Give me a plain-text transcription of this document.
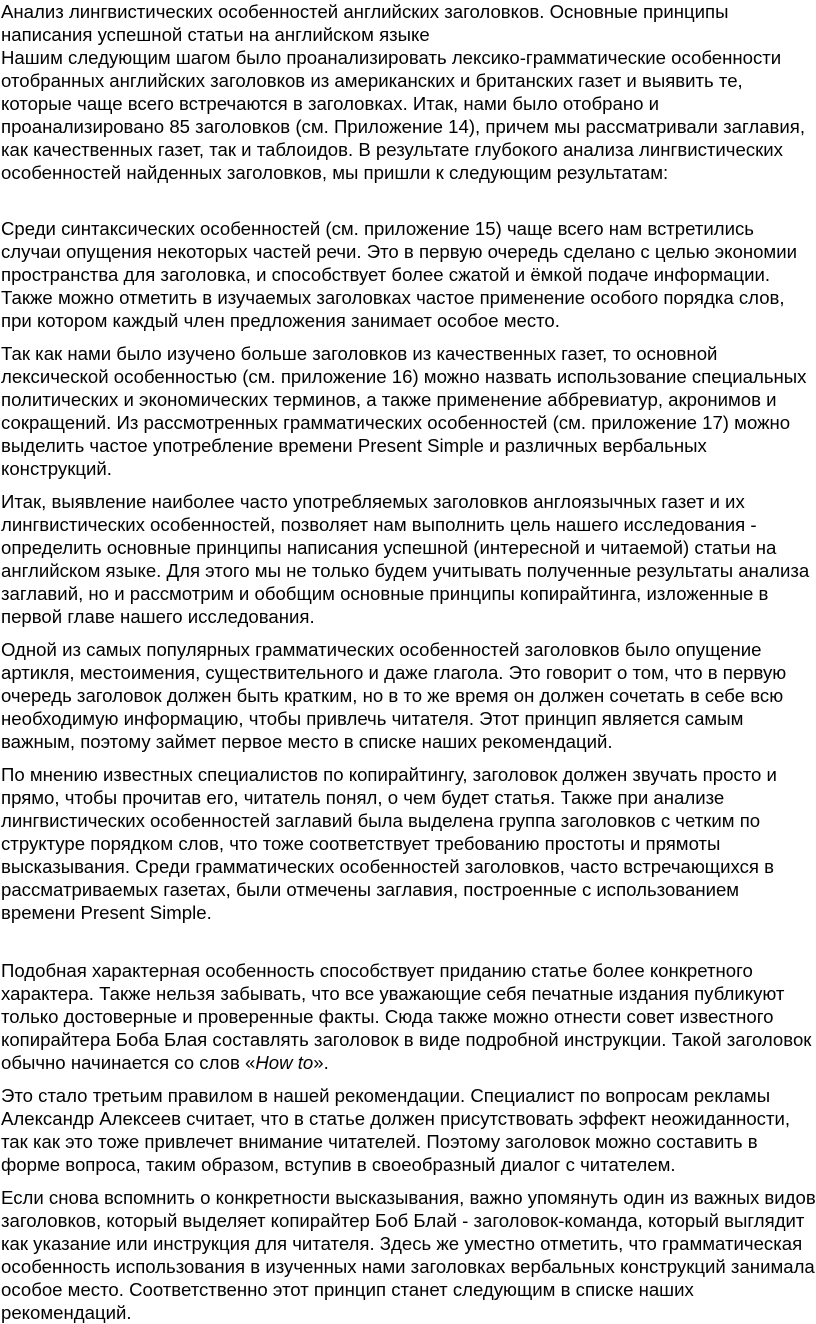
Анализ лингвистических особенностей английских заголовков. Основные принципы написания успешной статьи на английском языке

Нашим следующим шагом было проанализировать лексико-грамматические особенности отобранных английских заголовков из американских и британских газет и выявить те, которые чаще всего встречаются в заголовках. Итак, нами было отобрано и проанализировано 85 заголовков (см. Приложение 14), причем мы рассматривали заглавия, как качественных газет, так и таблоидов. В результате глубокого анализа лингвистических особенностей найденных заголовков, мы пришли к следующим результатам:

Среди синтаксических особенностей (см. приложение 15) чаще всего нам встретились случаи опущения некоторых частей речи. Это в первую очередь сделано с целью экономии пространства для заголовка, и способствует более сжатой и ёмкой подаче информации. Также можно отметить в изучаемых заголовках частое применение особого порядка слов, при котором каждый член предложения занимает особое место.

Так как нами было изучено больше заголовков из качественных газет, то основной лексической особенностью (см. приложение 16) можно назвать использование специальных политических и экономических терминов, а также применение аббревиатур, акронимов и сокращений. Из рассмотренных грамматических особенностей (см. приложение 17) можно выделить частое употребление времени Present Simple и различных вербальных конструкций.

Итак, выявление наиболее часто употребляемых заголовков англоязычных газет и их лингвистических особенностей, позволяет нам выполнить цель нашего исследования - определить основные принципы написания успешной (интересной и читаемой) статьи на английском языке. Для этого мы не только будем учитывать полученные результаты анализа заглавий, но и рассмотрим и обобщим основные принципы копирайтинга, изложенные в первой главе нашего исследования.

Одной из самых популярных грамматических особенностей заголовков было опущение артикля, местоимения, существительного и даже глагола. Это говорит о том, что в первую очередь заголовок должен быть кратким, но в то же время он должен сочетать в себе всю необходимую информацию, чтобы привлечь читателя. Этот принцип является самым важным, поэтому займет первое место в списке наших рекомендаций.

По мнению известных специалистов по копирайтингу, заголовок должен звучать просто и прямо, чтобы прочитав его, читатель понял, о чем будет статья. Также при анализе лингвистических особенностей заглавий была выделена группа заголовков с четким по структуре порядком слов, что тоже соответствует требованию простоты и прямоты высказывания. Среди грамматических особенностей заголовков, часто встречающихся в рассматриваемых газетах, были отмечены заглавия, построенные с использованием времени Present Simple.

Подобная характерная особенность способствует приданию статье более конкретного характера. Также нельзя забывать, что все уважающие себя печатные издания публикуют только достоверные и проверенные факты. Сюда также можно отнести совет известного копирайтера Боба Блая составлять заголовок в виде подробной инструкции. Такой заголовок обычно начинается со слов «How to».

Это стало третьим правилом в нашей рекомендации. Специалист по вопросам рекламы Александр Алексеев считает, что в статье должен присутствовать эффект неожиданности, так как это тоже привлечет внимание читателей. Поэтому заголовок можно составить в форме вопроса, таким образом, вступив в своеобразный диалог с читателем.

Если снова вспомнить о конкретности высказывания, важно упомянуть один из важных видов заголовков, который выделяет копирайтер Боб Блай - заголовок-команда, который выглядит как указание или инструкция для читателя. Здесь же уместно отметить, что грамматическая особенность использования в изученных нами заголовках вербальных конструкций занимала особое место. Соответственно этот принцип станет следующим в списке наших рекомендаций.
